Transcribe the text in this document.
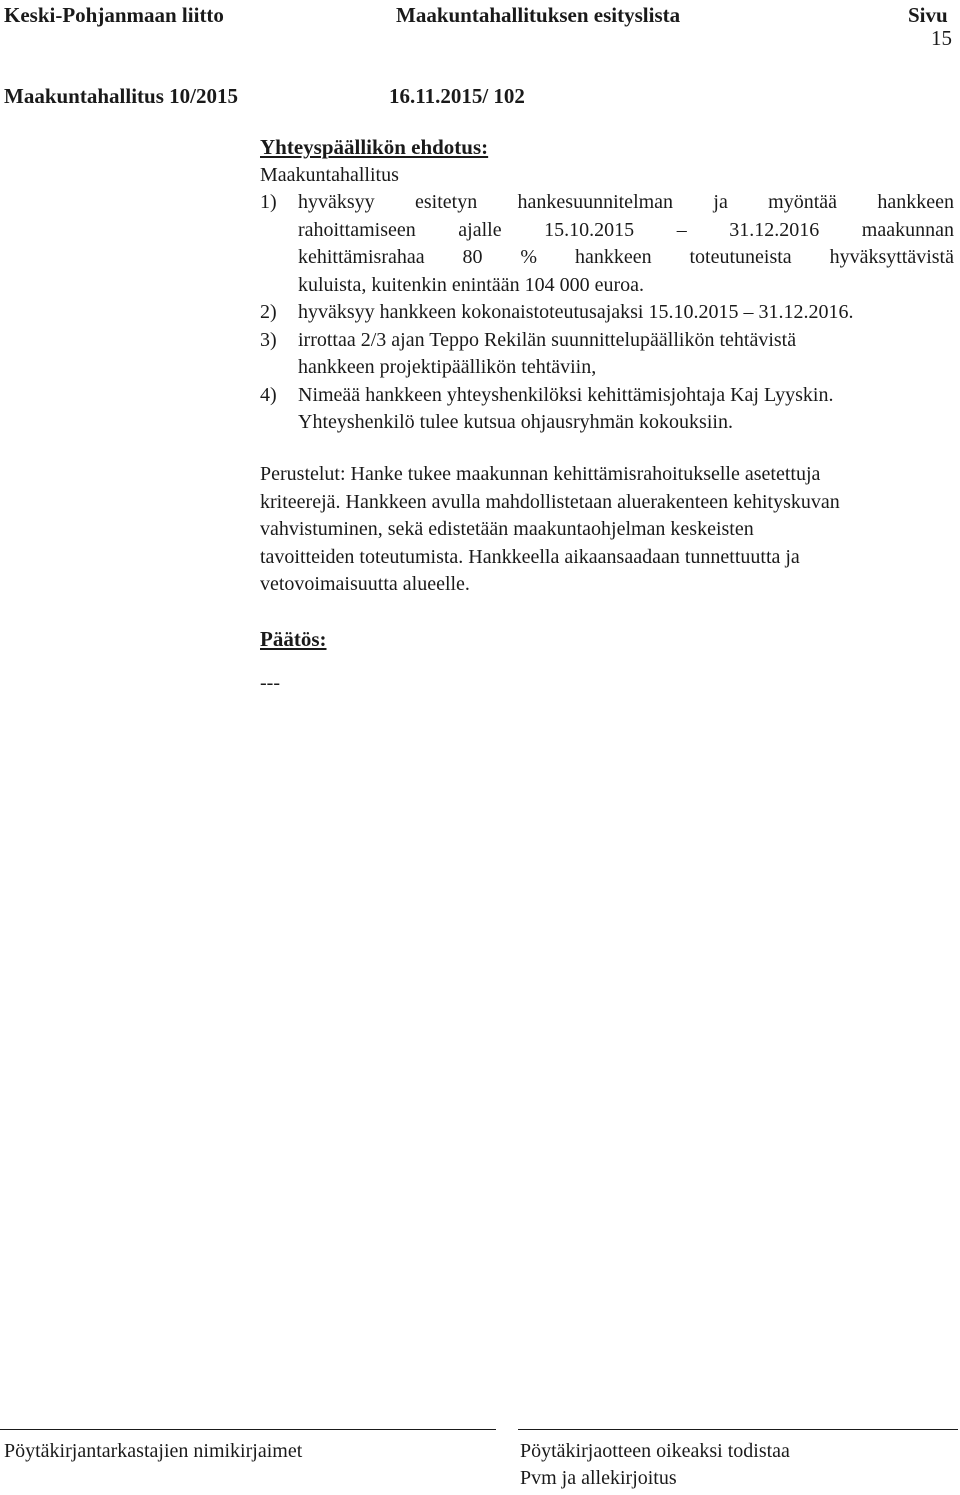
Keski-Pohjanmaan liitto	Maakuntahallituksen esityslista	Sivu
15
Maakuntahallitus 10/2015	16.11.2015/ 102
Yhteyspäällikön ehdotus:
Maakuntahallitus
1)	hyväksyy esitetyn hankesuunnitelman ja myöntää hankkeen
rahoittamiseen ajalle 15.10.2015 – 31.12.2016 maakunnan
kehittämisrahaa 80 % hankkeen toteutuneista hyväksyttävistä
kuluista, kuitenkin enintään 104 000 euroa.
2)	hyväksyy hankkeen kokonaistoteutusajaksi 15.10.2015 – 31.12.2016.
3)	irrottaa 2/3 ajan Teppo Rekilän suunnittelupäällikön tehtävistä
hankkeen projektipäällikön tehtäviin,
4)	Nimeää hankkeen yhteyshenkilöksi kehittämisjohtaja Kaj Lyyskin.
Yhteyshenkilö tulee kutsua ohjausryhmän kokouksiin.
Perustelut: Hanke tukee maakunnan kehittämisrahoitukselle asetettuja
kriteerejä. Hankkeen avulla mahdollistetaan aluerakenteen kehityskuvan
vahvistuminen, sekä edistetään maakuntaohjelman keskeisten
tavoitteiden toteutumista. Hankkeella aikaansaadaan tunnettuutta ja
vetovoimaisuutta alueelle.
Päätös:
---
Pöytäkirjantarkastajien nimikirjaimet	Pöytäkirjaotteen oikeaksi todistaa
Pvm ja allekirjoitus
